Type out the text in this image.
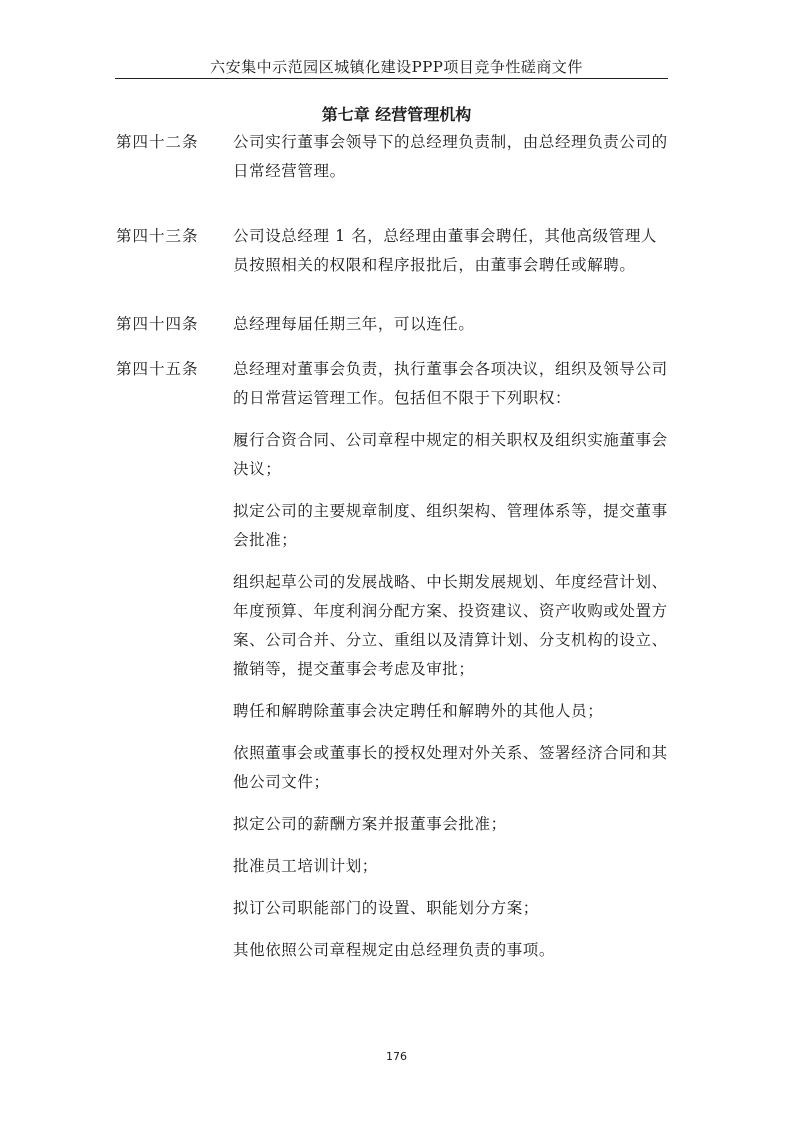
六安集中示范园区城镇化建设PPP项目竞争性磋商文件
第七章 经营管理机构
第四十二条 公司实行董事会领导下的总经理负责制，由总经理负责公司的日常经营管理。

第四十三条 公司设总经理 1 名，总经理由董事会聘任，其他高级管理人员按照相关的权限和程序报批后，由董事会聘任或解聘。

第四十四条 总经理每届任期三年，可以连任。

第四十五条 总经理对董事会负责，执行董事会各项决议，组织及领导公司的日常营运管理工作。包括但不限于下列职权：

履行合资合同、公司章程中规定的相关职权及组织实施董事会决议；

拟定公司的主要规章制度、组织架构、管理体系等，提交董事会批准；

组织起草公司的发展战略、中长期发展规划、年度经营计划、年度预算、年度利润分配方案、投资建议、资产收购或处置方案、公司合并、分立、重组以及清算计划、分支机构的设立、撤销等，提交董事会考虑及审批；

聘任和解聘除董事会决定聘任和解聘外的其他人员；

依照董事会或董事长的授权处理对外关系、签署经济合同和其他公司文件；

拟定公司的薪酬方案并报董事会批准；

批准员工培训计划；

拟订公司职能部门的设置、职能划分方案；

其他依照公司章程规定由总经理负责的事项。

176
